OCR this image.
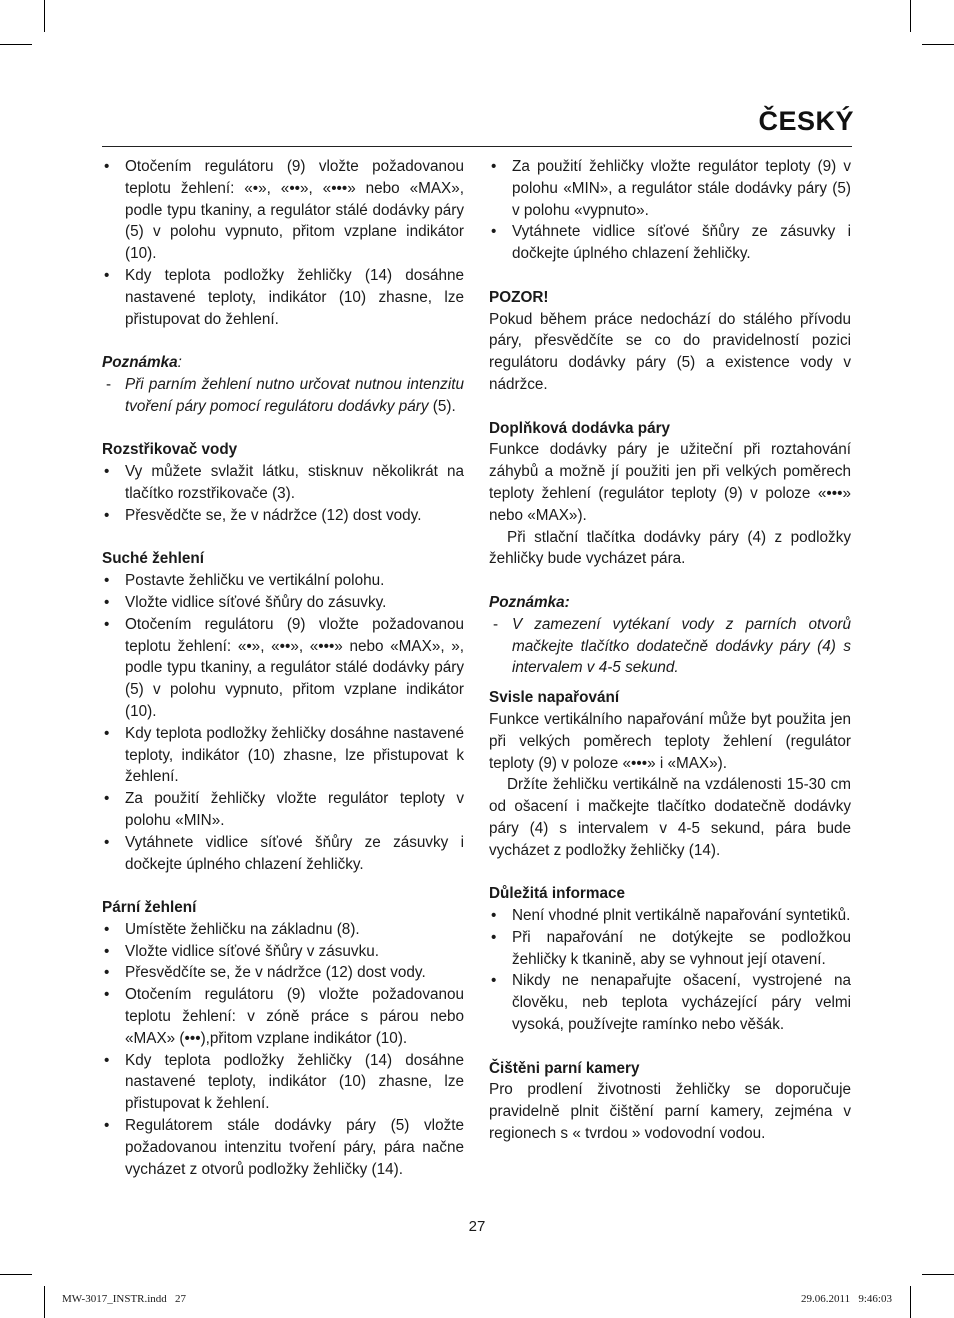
ČESKÝ
• Otočením regulátoru (9) vložte požadovanou teplotu žehlení: «•», «••», «•••» nebo «MAX», podle typu tkaniny, a regulátor stálé dodávky páry (5) v polohu vypnuto, přitom vzplane indikátor (10).
• Kdy teplota podložky žehličky (14) dosáhne nastavené teploty, indikátor (10) zhasne, lze přistupovat do žehlení.

Poznámka:

- Při parním žehlení nutno určovat nutnou intenzitu tvoření páry pomocí regulátoru dodávky páry (5).

Rozstřikovač vody

• Vy můžete svlažit látku, stisknuv několikrát na tlačítko rozstřikovače (3).
• Přesvědčte se, že v nádržce (12) dost vody.

Suché žehlení

• Postavte žehličku ve vertikální polohu.
• Vložte vidlice síťové šňůry do zásuvky.
• Otočením regulátoru (9) vložte požadovanou teplotu žehlení: «•», «••», «•••» nebo «MAX», », podle typu tkaniny, a regulátor stálé dodávky páry (5) v polohu vypnuto, přitom vzplane indikátor (10).
• Kdy teplota podložky žehličky dosáhne nastavené teploty, indikátor (10) zhasne, lze přistupovat k žehlení.
• Za použití žehličky vložte regulátor teploty v polohu «MIN».
• Vytáhnete vidlice síťové šňůry ze zásuvky i dočkejte úplného chlazení žehličky.

Pární žehlení

• Umístěte žehličku na základnu (8).
• Vložte vidlice síťové šňůry v zásuvku.
• Přesvědčíte se, že v nádržce (12) dost vody.
• Otočením regulátoru (9) vložte požadovanou teplotu žehlení: v zóně práce s párou nebo «MAX» (•••),přitom vzplane indikátor (10).
• Kdy teplota podložky žehličky (14) dosáhne nastavené teploty, indikátor (10) zhasne, lze přistupovat k žehlení.
• Regulátorem stále dodávky páry (5) vložte požadovanou intenzitu tvoření páry, pára načne vycházet z otvorů podložky žehličky (14).
• Za použití žehličky vložte regulátor teploty (9) v polohu «MIN», a regulátor stále dodávky páry (5) v polohu «vypnuto».
• Vytáhnete vidlice síťové šňůry ze zásuvky i dočkejte úplného chlazení žehličky.

POZOR!

Pokud během práce nedochází do stálého přívodu páry, přesvědčíte se co do pravidelností pozici regulátoru dodávky páry (5) a existence vody v nádržce.

Doplňková dodávka páry

Funkce dodávky páry je užiteční při roztahování záhybů a možně jí použiti jen při velkých poměrech teploty žehlení (regulátor teploty (9) v poloze «•••» nebo «MAX»).

Při stlační tlačítka dodávky páry (4) z podložky žehličky bude vycházet pára.

Poznámka:

- V zamezení vytékaní vody z parních otvorů mačkejte tlačítko dodatečně dodávky páry (4) s intervalem v 4-5 sekund.

Svisle napařování

Funkce vertikálního napařování může byt použita jen při velkých poměrech teploty žehlení (regulátor teploty (9) v poloze «•••» i «MAX»).

Držíte žehličku vertikálně na vzdálenosti 15-30 cm od ošacení i mačkejte tlačítko dodatečně dodávky páry (4) s intervalem v 4-5 sekund, pára bude vycházet z podložky žehličky (14).

Důležitá informace

• Není vhodné plnit vertikálně napařování syntetiků.
• Při napařování ne dotýkejte se podložkou žehličky k tkanině, aby se vyhnout její otavení.
• Nikdy ne nenapařujte ošacení, vystrojené na člověku, neb teplota vycházející páry velmi vysoká, používejte ramínko nebo věšák.

Čištěni parní kamery

Pro prodlení životnosti žehličky se doporučuje pravidelně plnit čištění parní kamery, zejména v regionech s « tvrdou » vodovodní vodou.

27
MW-3017_INSTR.indd   27	29.06.2011   9:46:03
